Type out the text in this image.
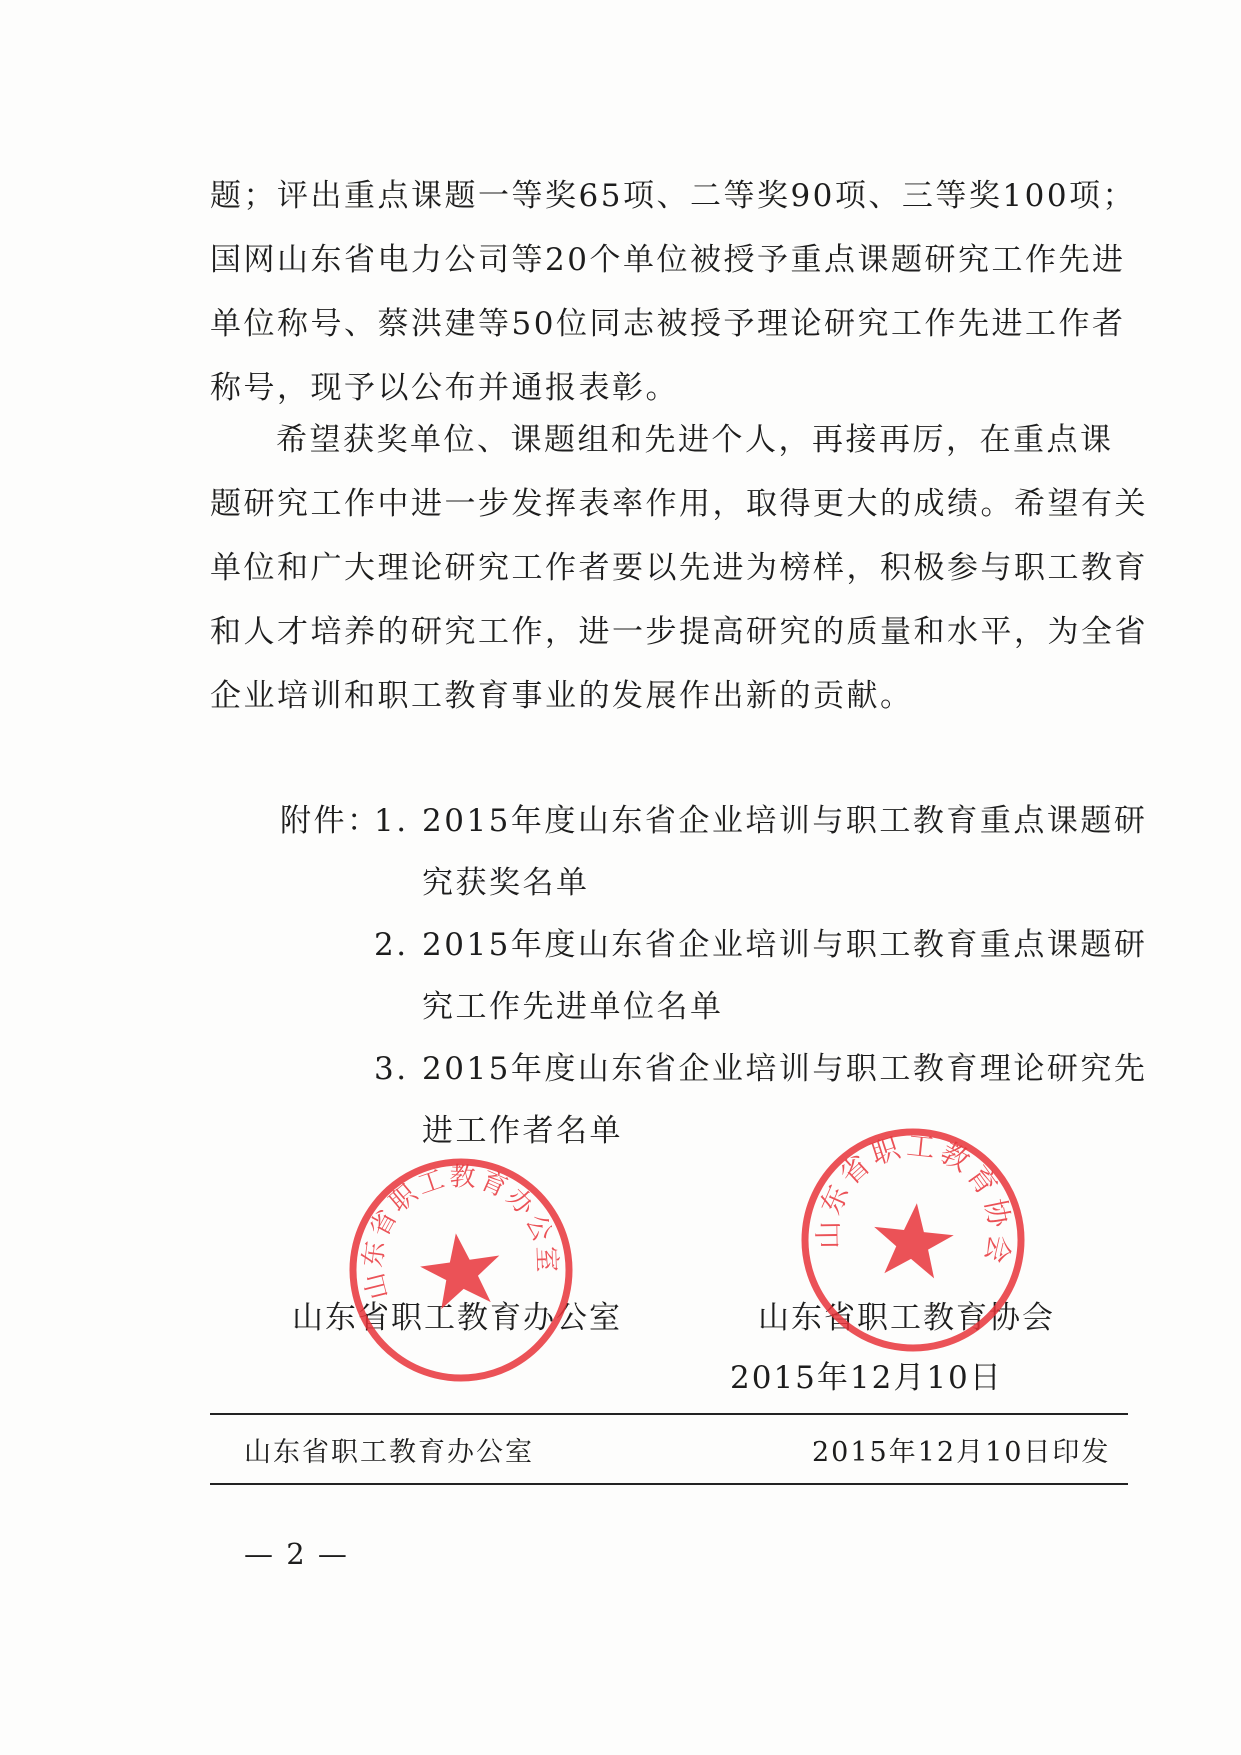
题；评出重点课题一等奖65项、二等奖90项、三等奖100项；
国网山东省电力公司等20个单位被授予重点课题研究工作先进
单位称号、蔡洪建等50位同志被授予理论研究工作先进工作者
称号，现予以公布并通报表彰。
希望获奖单位、课题组和先进个人，再接再厉，在重点课
题研究工作中进一步发挥表率作用，取得更大的成绩。希望有关
单位和广大理论研究工作者要以先进为榜样，积极参与职工教育
和人才培养的研究工作，进一步提高研究的质量和水平，为全省
企业培训和职工教育事业的发展作出新的贡献。
附件：
1. 2015年度山东省企业培训与职工教育重点课题研
究获奖名单
2. 2015年度山东省企业培训与职工教育重点课题研
究工作先进单位名单
3. 2015年度山东省企业培训与职工教育理论研究先
进工作者名单
山东省职工教育办公室	山东省职工教育协会
2015年12月10日
山东省职工教育办公室
山东省职工教育协会
山东省职工教育办公室	2015年12月10日印发
— 2 —
